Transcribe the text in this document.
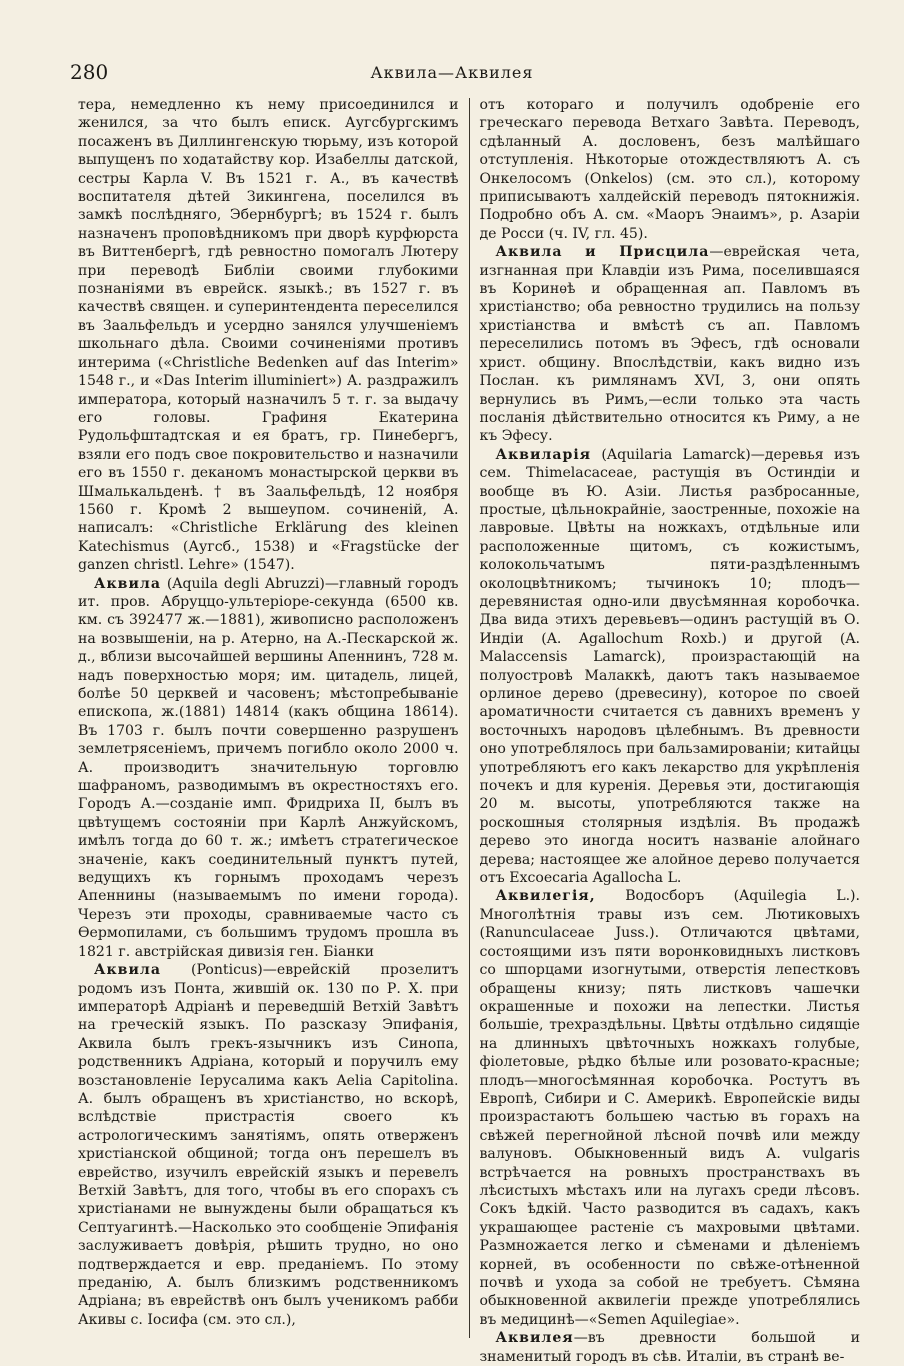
280	Аквила—Аквилея

тера, немедленно къ нему присоединился и женился, за что былъ еписк. Аугсбургскимъ посаженъ въ Диллингенскую тюрьму, изъ которой выпущенъ по ходатайству кор. Изабеллы датской, сестры Карла V. Въ 1521 г. А., въ качествѣ воспитателя дѣтей Зикингена, поселился въ замкѣ послѣдняго, Эбернбургѣ; въ 1524 г. былъ назначенъ проповѣдникомъ при дворѣ курфюрста въ Виттенбергѣ, гдѣ ревностно помогалъ Лютеру при переводѣ Библіи своими глубокими познаніями въ еврейск. языкѣ.; въ 1527 г. въ качествѣ священ. и суперинтендента переселился въ Заальфельдъ и усердно занялся улучшеніемъ школьнаго дѣла. Своими сочиненіями противъ интерима («Christliche Bedenken auf das Interim» 1548 г., и «Das Interim illuminiert») А. раздражилъ императора, который назначилъ 5 т. г. за выдачу его головы. Графиня Екатерина Рудольфштадтская и ея братъ, гр. Пинебергъ, взяли его подъ свое покровительство и назначили его въ 1550 г. деканомъ монастырской церкви въ Шмалькальденѣ. † въ Заальфельдѣ, 12 ноября 1560 г. Кромѣ 2 вышеупом. сочиненій, А. написалъ: «Christliche Erklärung des kleinen Katechismus (Аугсб., 1538) и «Fragstücke der ganzen christl. Lehre» (1547).

Аквила (Aquila degli Abruzzi)—главный городъ ит. пров. Абруццо-ультеріоре-секунда (6500 кв. км. съ 392477 ж.—1881), живописно расположенъ на возвышеніи, на р. Атерно, на А.-Пескарской ж. д., вблизи высочайшей вершины Апеннинъ, 728 м. надъ поверхностью моря; им. цитадель, лицей, болѣе 50 церквей и часовенъ; мѣстопребываніе епископа, ж.(1881) 14814 (какъ община 18614). Въ 1703 г. былъ почти совершенно разрушенъ землетрясеніемъ, причемъ погибло около 2000 ч. А. производитъ значительную торговлю шафраномъ, разводимымъ въ окрестностяхъ его. Городъ А.—созданіе имп. Фридриха II, былъ въ цвѣтущемъ состояніи при Карлѣ Анжуйскомъ, имѣлъ тогда до 60 т. ж.; имѣетъ стратегическое значеніе, какъ соединительный пунктъ путей, ведущихъ къ горнымъ проходамъ черезъ Апеннины (называемымъ по имени города). Черезъ эти проходы, сравниваемые часто съ Ѳермопилами, съ большимъ трудомъ прошла въ 1821 г. австрійская дивизія ген. Біанки

Аквила (Ponticus)—еврейскій прозелитъ родомъ изъ Понта, жившій ок. 130 по Р. Х. при императорѣ Адріанѣ и переведшій Ветхій Завѣтъ на греческій языкъ. По разсказу Эпифанія, Аквила былъ грекъ-язычникъ изъ Синопа, родственникъ Адріана, который и поручилъ ему возстановленіе Іерусалима какъ Aelia Capitolina. А. былъ обращенъ въ христіанство, но вскорѣ, вслѣдствіе пристрастія своего къ астрологическимъ занятіямъ, опять отверженъ христіанской общиной; тогда онъ перешелъ въ еврейство, изучилъ еврейскій языкъ и перевелъ Ветхій Завѣтъ, для того, чтобы въ его спорахъ съ христіанами не вынуждены были обращаться къ Септуагинтѣ.—Насколько это сообщеніе Эпифанія заслуживаетъ довѣрія, рѣшить трудно, но оно подтверждается и евр. преданіемъ. По этому преданію, А. былъ близкимъ родственникомъ Адріана; въ еврействѣ онъ былъ ученикомъ рабби Акивы с. Іосифа (см. это сл.),

отъ котораго и получилъ одобреніе его греческаго перевода Ветхаго Завѣта. Переводъ, сдѣланный А. дословенъ, безъ малѣйшаго отступленія. Нѣкоторые отождествляютъ А. съ Онкелосомъ (Onkelos) (см. это сл.), которому приписываютъ халдейскій переводъ пятокнижія. Подробно объ А. см. «Маоръ Энаимъ», р. Азаріи де Росси (ч. IV, гл. 45).

Аквила и Присцила—еврейская чета, изгнанная при Клавдіи изъ Рима, поселившаяся въ Коринѳѣ и обращенная ап. Павломъ въ христіанство; оба ревностно трудились на пользу христіанства и вмѣстѣ съ ап. Павломъ переселились потомъ въ Эфесъ, гдѣ основали христ. общину. Впослѣдствіи, какъ видно изъ Послан. къ римлянамъ XVI, 3, они опять вернулись въ Римъ,—если только эта часть посланія дѣйствительно относится къ Риму, а не къ Эфесу.

Аквиларія (Aquilaria Lamarck)—деревья изъ сем. Thimelacaceae, растущія въ Остиндіи и вообще въ Ю. Азіи. Листья разбросанные, простые, цѣльнокрайніе, заостренные, похожіе на лавровые. Цвѣты на ножкахъ, отдѣльные или расположенные щитомъ, съ кожистымъ, колокольчатымъ пяти-раздѣленнымъ околоцвѣтникомъ; тычинокъ 10; плодъ—деревянистая одно-или двусѣмянная коробочка. Два вида этихъ деревьевъ—одинъ растущій въ О. Индіи (A. Agallochum Roxb.) и другой (A. Malaccensis Lamarck), произрастающій на полуостровѣ Малаккѣ, даютъ такъ называемое орлиное дерево (древесину), которое по своей ароматичности считается съ давнихъ временъ у восточныхъ народовъ цѣлебнымъ. Въ древности оно употреблялось при бальзамированіи; китайцы употребляютъ его какъ лекарство для укрѣпленія почекъ и для куренія. Деревья эти, достигающія 20 м. высоты, употребляются также на роскошныя столярныя издѣлія. Въ продажѣ дерево это иногда носитъ названіе алойнаго дерева; настоящее же алойное дерево получается отъ Excoecaria Agallocha L.

Аквилегія, Водосборъ (Aquilegia L.). Многолѣтнія травы изъ сем. Лютиковыхъ (Ranunculaceae Juss.). Отличаются цвѣтами, состоящими изъ пяти воронковидныхъ листковъ со шпорцами изогнутыми, отверстія лепестковъ обращены книзу; пять листковъ чашечки окрашенные и похожи на лепестки. Листья большіе, трехраздѣльны. Цвѣты отдѣльно сидящіе на длинныхъ цвѣточныхъ ножкахъ голубые, фіолетовые, рѣдко бѣлые или розовато-красные; плодъ—многосѣмянная коробочка. Ростутъ въ Европѣ, Сибири и С. Америкѣ. Европейскіе виды произрастаютъ большею частью въ горахъ на свѣжей перегнойной лѣсной почвѣ или между валуновъ. Обыкновенный видъ A. vulgaris встрѣчается на ровныхъ пространствахъ въ лѣсистыхъ мѣстахъ или на лугахъ среди лѣсовъ. Сокъ ѣдкій. Часто разводится въ садахъ, какъ украшающее растеніе съ махровыми цвѣтами. Размножается легко и сѣменами и дѣленіемъ корней, въ особенности по свѣже-отѣненной почвѣ и ухода за собой не требуетъ. Сѣмяна обыкновенной аквилегіи прежде употреблялись въ медицинѣ—«Semen Aquilegiae».

Аквилея—въ древности большой и знаменитый городъ въ сѣв. Италіи, въ странѣ ве-
